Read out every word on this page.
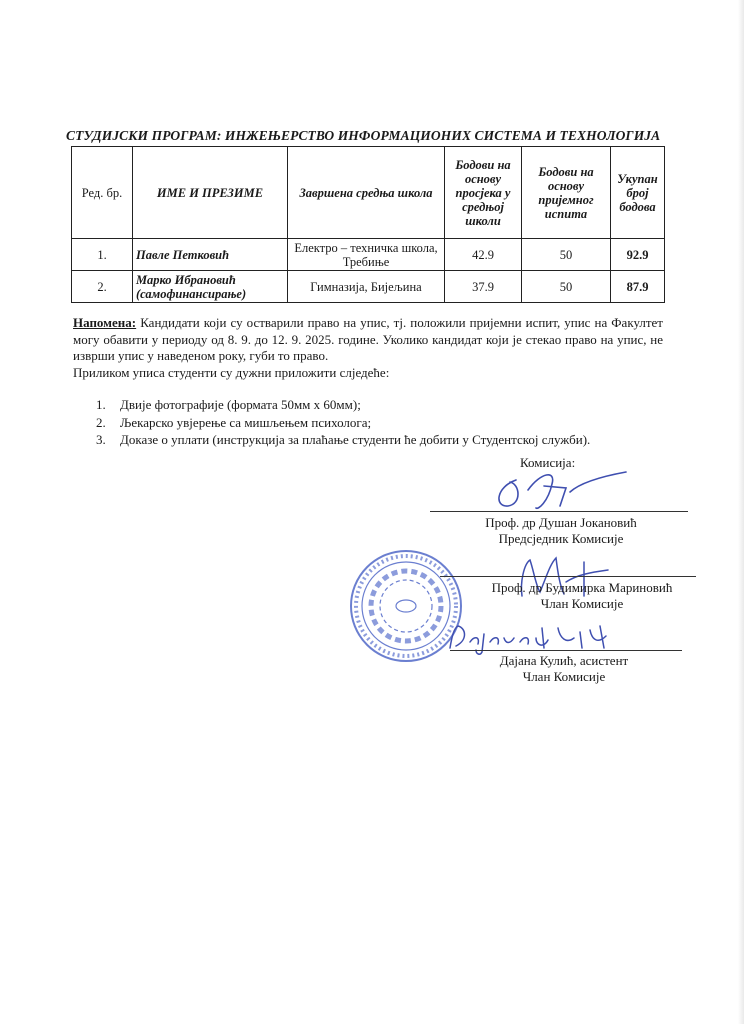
СТУДИЈСКИ ПРОГРАМ: ИНЖЕЊЕРСТВО ИНФОРМАЦИОНИХ СИСТЕМА И ТЕХНОЛОГИЈА
Ред. бр.	ИМЕ И ПРЕЗИМЕ	Завршена средња школа	Бодови на основу просјека у средњој школи	Бодови на основу пријемног испита	Укупан број бодова
1.	Павле Петковић	Електро – техничка школа, Требиње	42.9	50	92.9
2.	Марко Ибрановић (самофинансирање)	Гимназија, Бијељина	37.9	50	87.9

Напомена: Кандидати који су остварили право на упис, тј. положили пријемни испит, упис на Факултет могу обавити у периоду од 8. 9. до 12. 9. 2025. године. Уколико кандидат који је стекао право на упис, не изврши упис у наведеном року, губи то право.

Приликом уписа студенти су дужни приложити слједеће:

1. Двије фотографије (формата 50мм x 60мм);
2. Љекарско увјерење са мишљењем психолога;
3. Доказе о уплати (инструкција за плаћање студенти ће добити у Студентској служби).
Комисија:
Проф. др Душан Јокановић
Предсједник Комисије
Проф. др Будимирка Мариновић
Члан Комисије
Дајана Кулић, асистент
Члан Комисије
